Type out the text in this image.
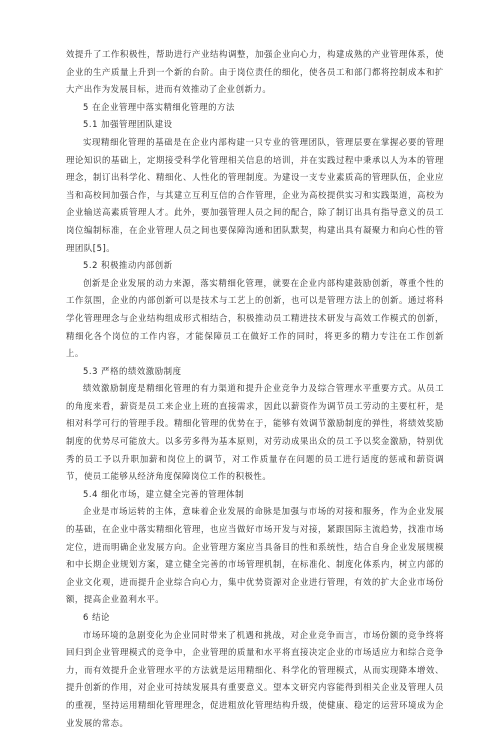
效提升了工作积极性，帮助进行产业结构调整，加强企业向心力，构建成熟的产业管理体系，使企业的生产质量上升到一个新的台阶。由于岗位责任的细化，使各员工和部门都将控制成本和扩大产出作为发展目标，进而有效推动了企业创新力。

5 在企业管理中落实精细化管理的方法

5.1 加强管理团队建设

实现精细化管理的基础是在企业内部构建一只专业的管理团队，管理层要在掌握必要的管理理论知识的基础上，定期接受科学化管理相关信息的培训，并在实践过程中秉承以人为本的管理理念，制订出科学化、精细化、人性化的管理制度。为建设一支专业素质高的管理队伍，企业应当和高校间加强合作，与其建立互利互信的合作管理，企业为高校提供实习和实践渠道，高校为企业输送高素质管理人才。此外，要加强管理人员之间的配合，除了制订出具有指导意义的员工岗位编制标准，在企业管理人员之间也要保障沟通和团队默契，构建出具有凝聚力和向心性的管理团队[5]。

5.2 积极推动内部创新

创新是企业发展的动力来源，落实精细化管理，就要在企业内部构建鼓励创新，尊重个性的工作氛围，企业的内部创新可以是技术与工艺上的创新，也可以是管理方法上的创新。通过将科学化管理理念与企业结构组成形式相结合，积极推动员工精进技术研发与高效工作模式的创新，精细化各个岗位的工作内容，才能保障员工在做好工作的同时，将更多的精力专注在工作创新上。

5.3 严格的绩效激励制度

绩效激励制度是精细化管理的有力渠道和提升企业竞争力及综合管理水平重要方式。从员工的角度来看，薪资是员工来企业上班的直接需求，因此以薪资作为调节员工劳动的主要杠杆，是相对科学可行的管理手段。精细化管理的优势在于，能够有效调节激励制度的弹性，将绩效奖励制度的优势尽可能放大。以多劳多得为基本原则，对劳动成果出众的员工予以奖金激励，特别优秀的员工予以升职加薪和岗位上的调节，对工作质量存在问题的员工进行适度的惩戒和薪资调节，使员工能够从经济角度保障岗位工作的积极性。

5.4 细化市场，建立健全完善的管理体制

企业是市场运转的主体，意味着企业发展的命脉是加强与市场的对接和服务，作为企业发展的基础，在企业中落实精细化管理，也应当做好市场开发与对接，紧跟国际主流趋势，找准市场定位，进而明确企业发展方向。企业管理方案应当具备目的性和系统性，结合自身企业发展规模和中长期企业规划方案，建立健全完善的市场管理机制，在标准化、制度化体系内，树立内部的企业文化观，进而提升企业综合向心力，集中优势资源对企业进行管理，有效的扩大企业市场份额，提高企业盈利水平。

6 结论

市场环境的急剧变化为企业同时带来了机遇和挑战，对企业竞争而言，市场份额的竞争终将回归到企业管理模式的竞争中，企业管理的质量和水平将直接决定企业的市场适应力和综合竞争力，而有效提升企业管理水平的方法就是运用精细化、科学化的管理模式，从而实现降本增效、提升创新的作用，对企业可持续发展具有重要意义。望本文研究内容能得到相关企业及管理人员的重视，坚持运用精细化管理理念，促进粗放化管理结构升级，使健康、稳定的运营环境成为企业发展的常态。
